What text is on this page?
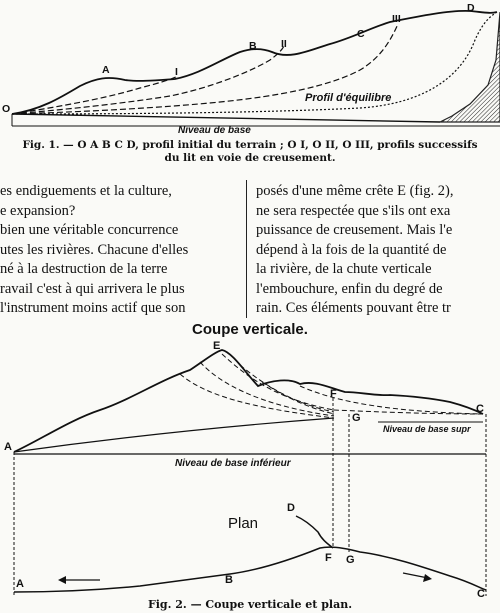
O
A
B
C
D
I
II
III
Profil d'équilibre
Niveau de base
Fig. 1. — O A B C D, profil initial du terrain ; O I, O II, O III, profils successifs
du lit en voie de creusement.
es endiguements et la culture,
e expansion?
bien une véritable concurrence
utes les rivières. Chacune d'elles
né à la destruction de la terre
ravail c'est à qui arrivera le plus
l'instrument moins actif que son
posés d'une même crête E (fig. 2),
ne sera respectée que s'ils ont exa
puissance de creusement. Mais l'e
dépend à la fois de la quantité de
la rivière, de la chute verticale
l'embouchure, enfin du degré de
rain. Ces éléments pouvant être tr
Coupe verticale.
E
F
G
A
C
Niveau de base supr
Niveau de base inférieur
Plan
D
F G
A	B
C
Fig. 2. — Coupe verticale et plan.
